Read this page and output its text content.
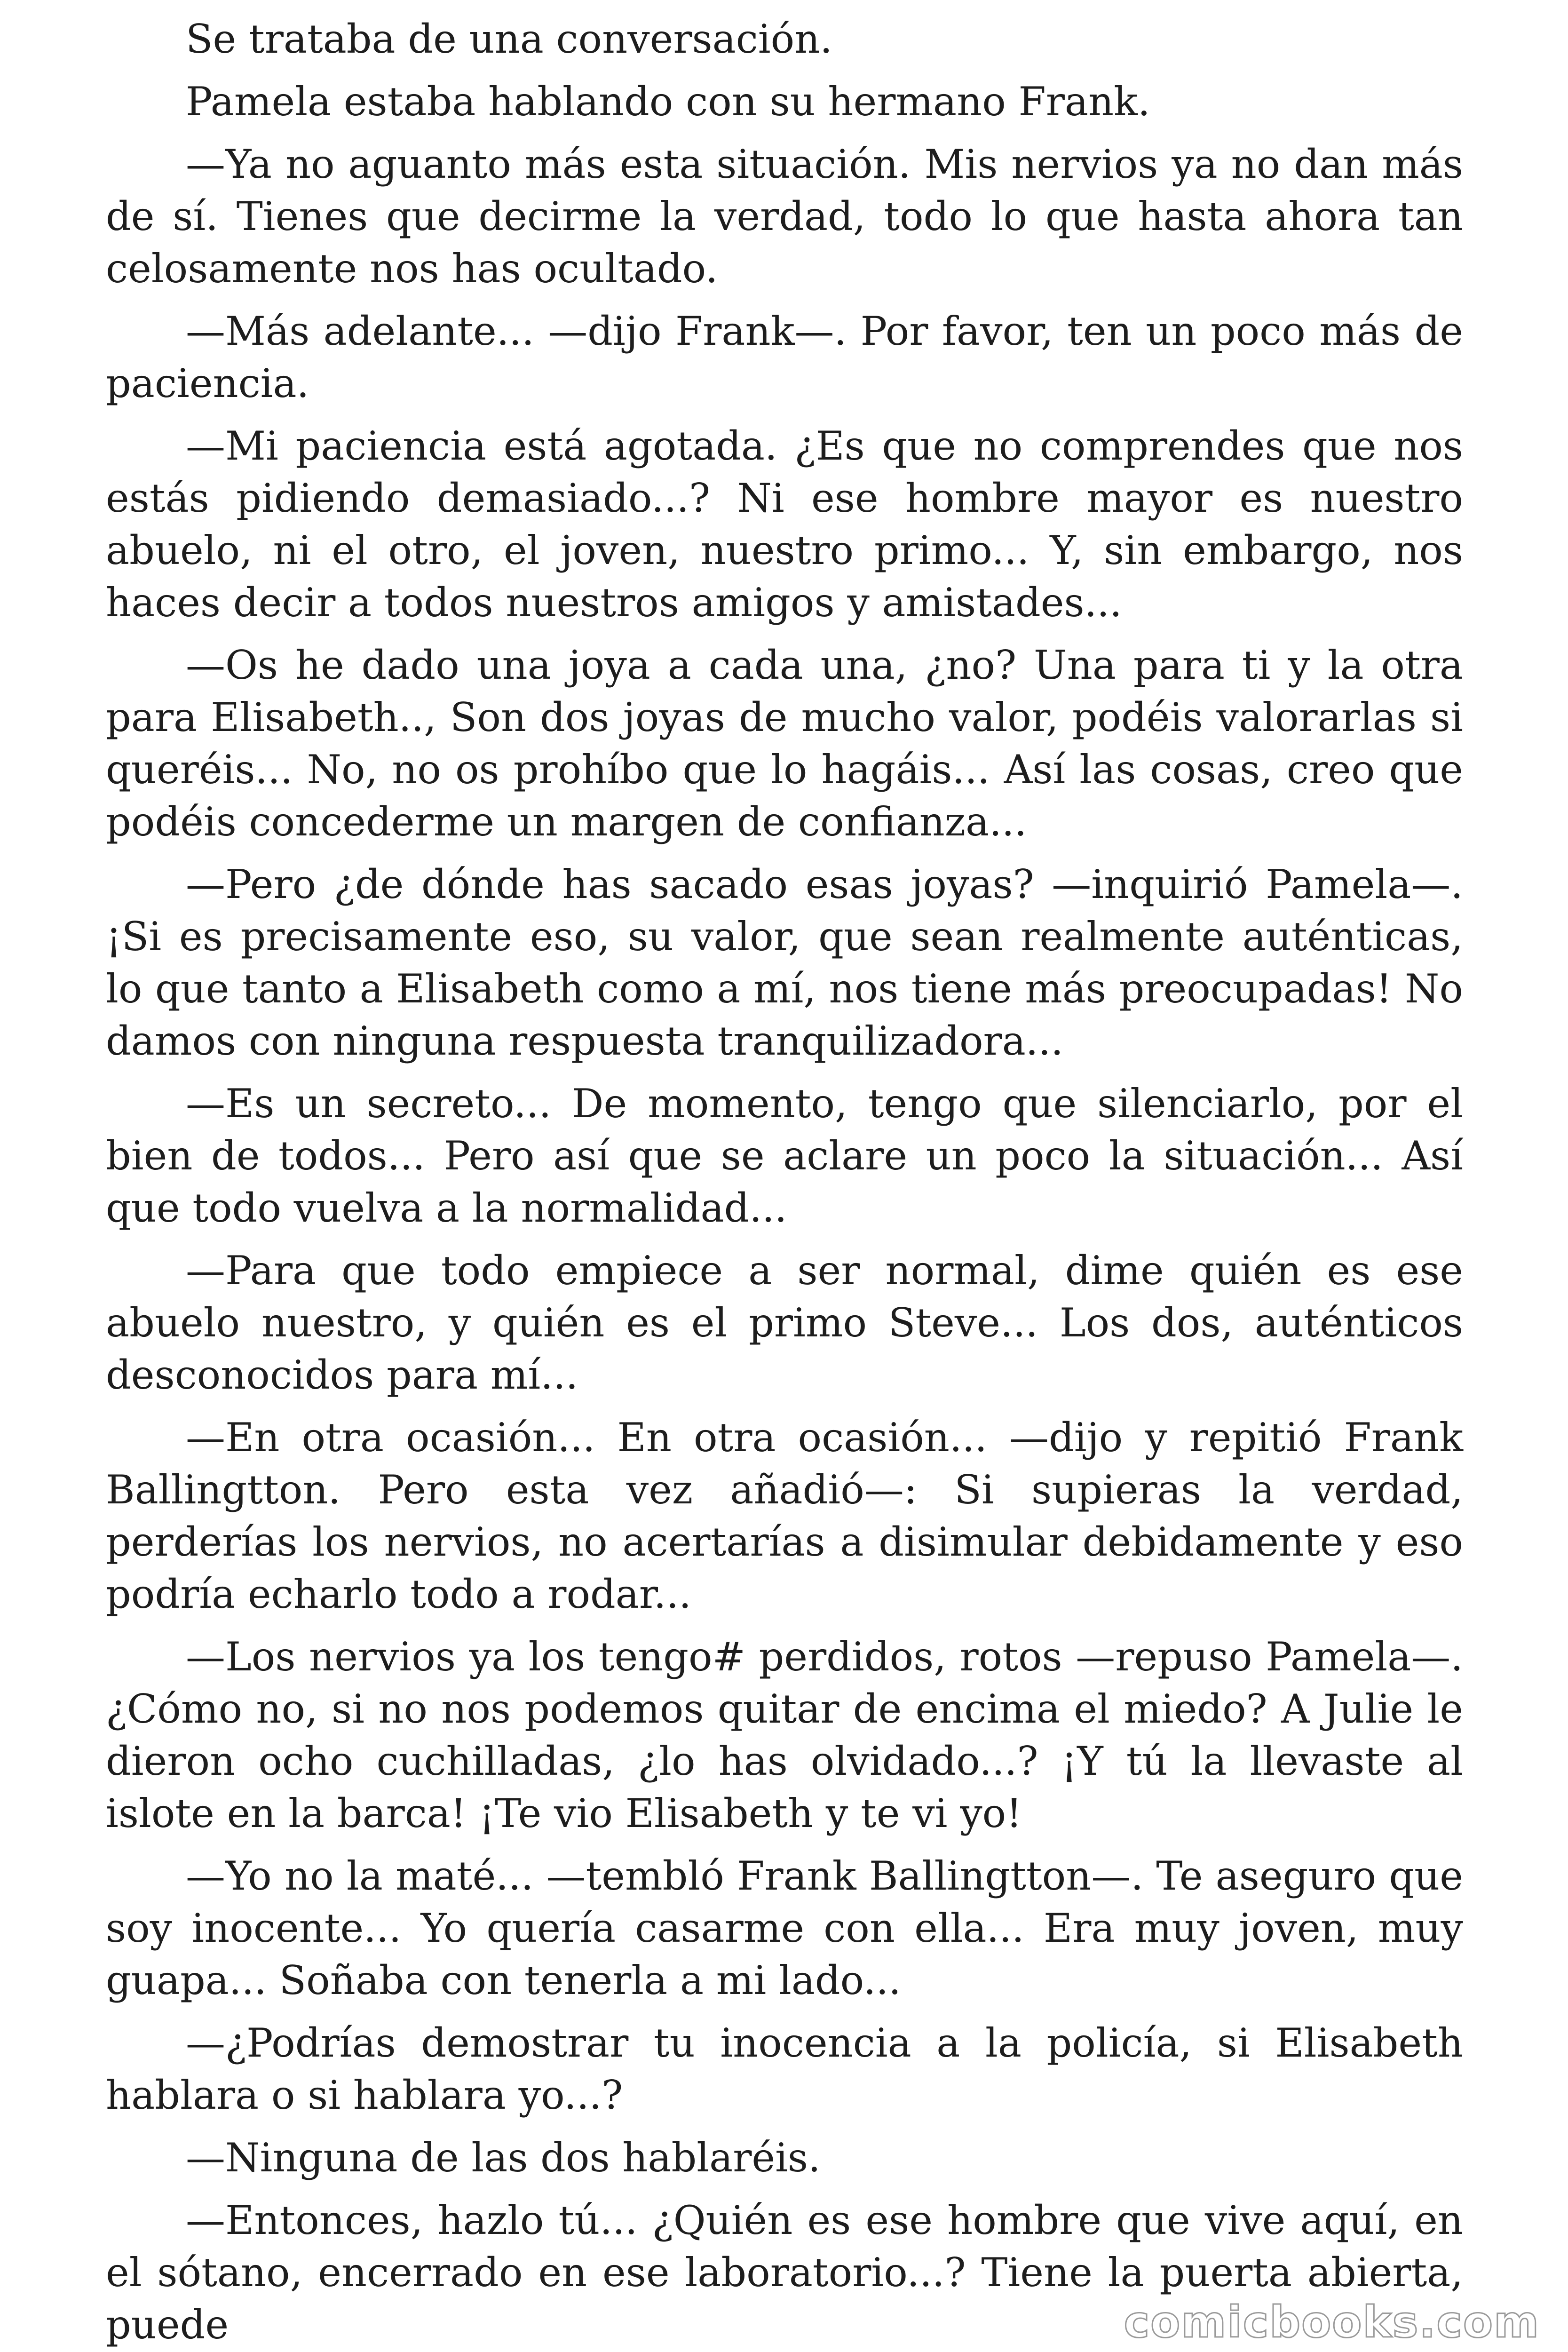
Se trataba de una conversación.

Pamela estaba hablando con su hermano Frank.

—Ya no aguanto más esta situación. Mis nervios ya no dan más de sí. Tienes que decirme la verdad, todo lo que hasta ahora tan celosamente nos has ocultado.

—Más adelante... —dijo Frank—. Por favor, ten un poco más de paciencia.

—Mi paciencia está agotada. ¿Es que no comprendes que nos estás pidiendo demasiado...? Ni ese hombre mayor es nuestro abuelo, ni el otro, el joven, nuestro primo... Y, sin embargo, nos haces decir a todos nuestros amigos y amistades...

—Os he dado una joya a cada una, ¿no? Una para ti y la otra para Elisabeth.., Son dos joyas de mucho valor, podéis valorarlas si queréis... No, no os prohíbo que lo hagáis... Así las cosas, creo que podéis concederme un margen de confianza...

—Pero ¿de dónde has sacado esas joyas? —inquirió Pamela—. ¡Si es precisamente eso, su valor, que sean realmente auténticas, lo que tanto a Elisabeth como a mí, nos tiene más preocupadas! No damos con ninguna respuesta tranquilizadora...

—Es un secreto... De momento, tengo que silenciarlo, por el bien de todos... Pero así que se aclare un poco la situación... Así que todo vuelva a la normalidad...

—Para que todo empiece a ser normal, dime quién es ese abuelo nuestro, y quién es el primo Steve... Los dos, auténticos desconocidos para mí...

—En otra ocasión... En otra ocasión... —dijo y repitió Frank Ballingtton. Pero esta vez añadió—: Si supieras la verdad, perderías los nervios, no acertarías a disimular debidamente y eso podría echarlo todo a rodar...

—Los nervios ya los tengo# perdidos, rotos —repuso Pamela—. ¿Cómo no, si no nos podemos quitar de encima el miedo? A Julie le dieron ocho cuchilladas, ¿lo has olvidado...? ¡Y tú la llevaste al islote en la barca! ¡Te vio Elisabeth y te vi yo!

—Yo no la maté... —tembló Frank Ballingtton—. Te aseguro que soy inocente... Yo quería casarme con ella... Era muy joven, muy guapa... Soñaba con tenerla a mi lado...

—¿Podrías demostrar tu inocencia a la policía, si Elisabeth hablara o si hablara yo...?

—Ninguna de las dos hablaréis.

—Entonces, hazlo tú... ¿Quién es ese hombre que vive aquí, en el sótano, encerrado en ese laboratorio...? Tiene la puerta abierta, puede	comicbooks.com
